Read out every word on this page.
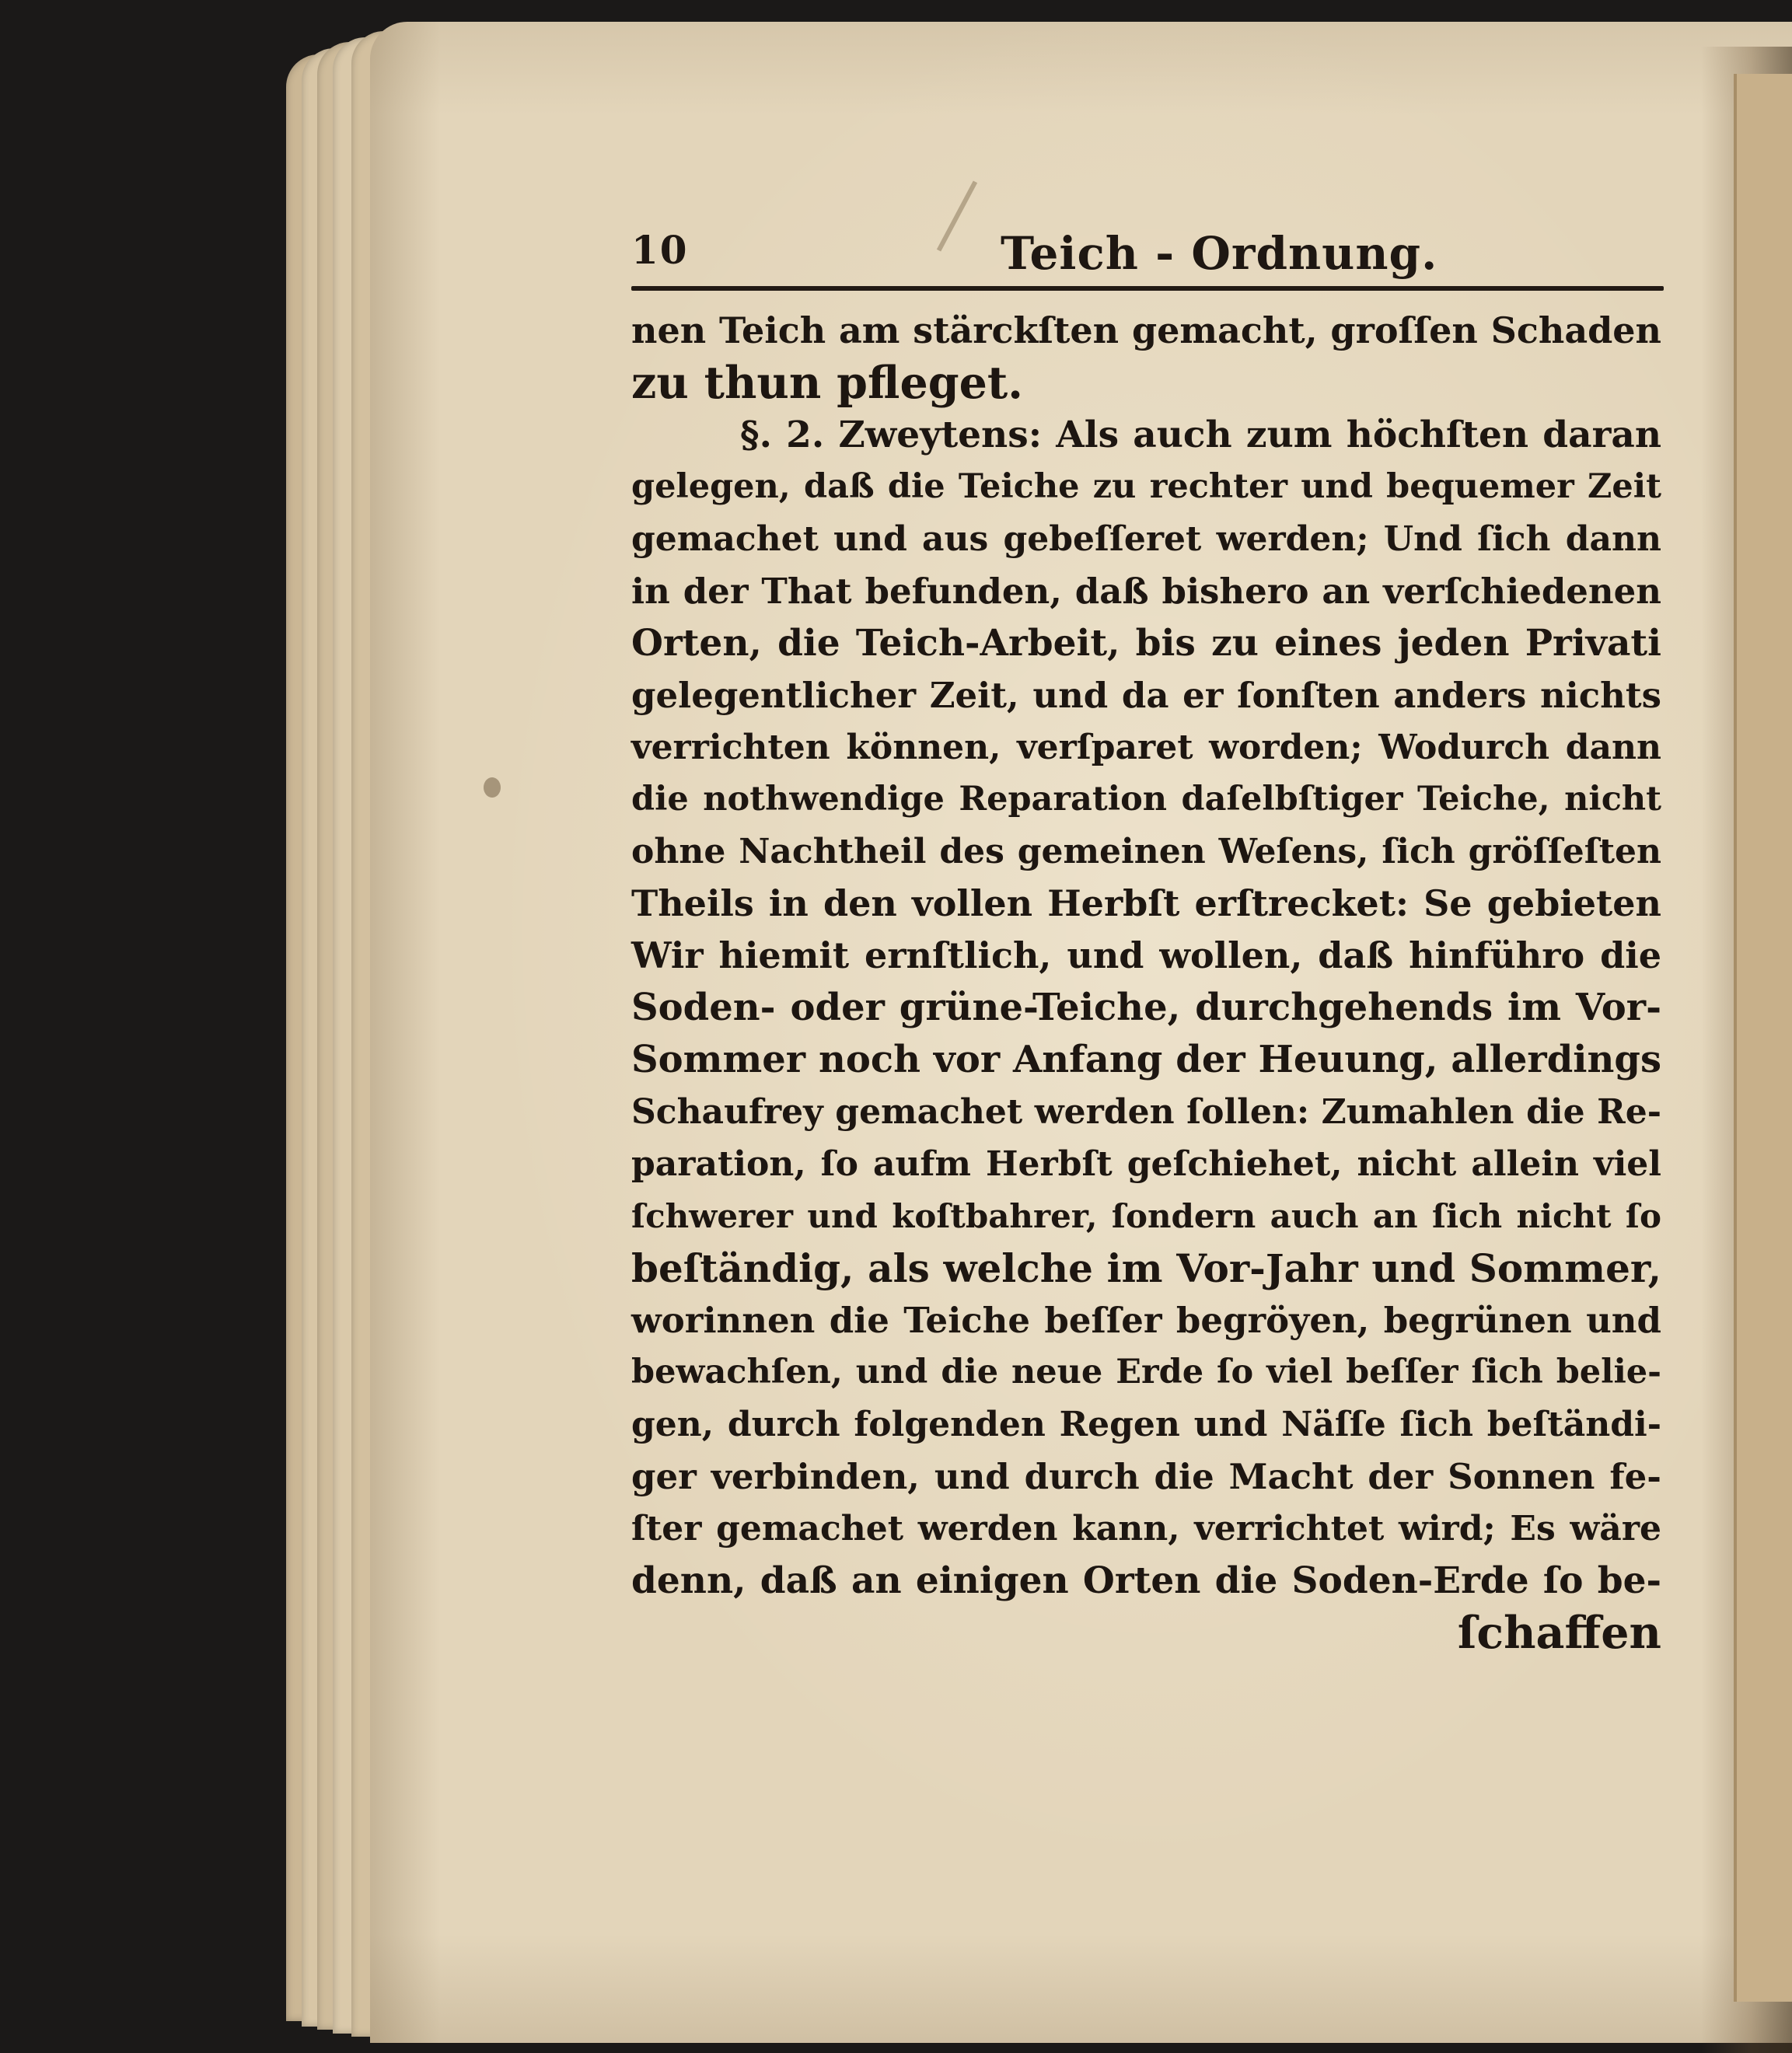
10	Teich - Ordnung.
nen Teich am stärckſten gemacht, groſſen Schaden
zu thun pfleget.
§. 2. Zweytens: Als auch zum höchſten daran
gelegen, daß die Teiche zu rechter und bequemer Zeit
gemachet und aus gebeſſeret werden; Und ſich dann
in der That befunden, daß bishero an verſchiedenen
Orten, die Teich-Arbeit, bis zu eines jeden Privati
gelegentlicher Zeit, und da er ſonſten anders nichts
verrichten können, verſparet worden; Wodurch dann
die nothwendige Reparation daſelbſtiger Teiche, nicht
ohne Nachtheil des gemeinen Weſens, ſich gröſſeſten
Theils in den vollen Herbſt erſtrecket: Se gebieten
Wir hiemit ernſtlich, und wollen, daß hinführo die
Soden- oder grüne-Teiche, durchgehends im Vor-
Sommer noch vor Anfang der Heuung, allerdings
Schaufrey gemachet werden ſollen: Zumahlen die Re-
paration, ſo aufm Herbſt geſchiehet, nicht allein viel
ſchwerer und koſtbahrer, ſondern auch an ſich nicht ſo
beſtändig, als welche im Vor-Jahr und Sommer,
worinnen die Teiche beſſer begröyen, begrünen und
bewachſen, und die neue Erde ſo viel beſſer ſich belie-
gen, durch folgenden Regen und Näſſe ſich beſtändi-
ger verbinden, und durch die Macht der Sonnen fe-
ſter gemachet werden kann, verrichtet wird; Es wäre
denn, daß an einigen Orten die Soden-Erde ſo be-
ſchaffen
